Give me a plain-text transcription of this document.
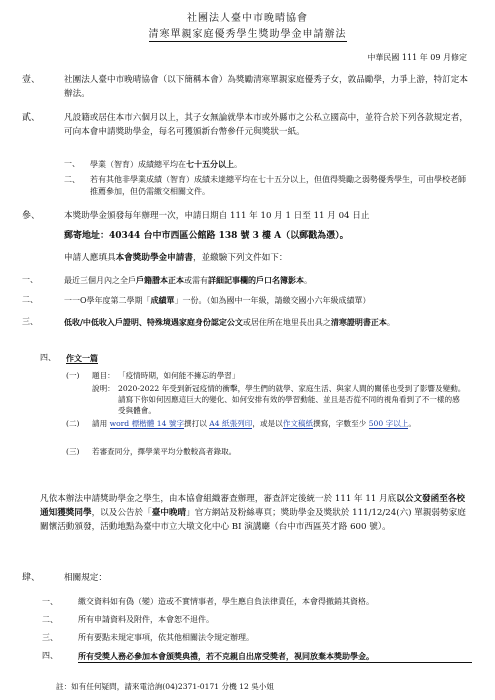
社團法人臺中市晚晴協會
清寒單親家庭優秀學生獎助學金申請辦法
中華民國 111 年 09 月修定
壹、	社團法人臺中市晚晴協會（以下簡稱本會）為獎勵清寒單親家庭優秀子女，敦品勵學，力爭上游，特訂定本辦法。
貳、	凡設籍或居住本市六個月以上，其子女無論就學本市或外縣市之公私立國高中，並符合於下列各款規定者，可向本會申請獎助學金，每名可獲頒新台幣參仟元與獎狀一紙。
一、 學業（智育）成績總平均在七十五分以上。
二、 若有其他非學業成績（智育）成績未達總平均在七十五分以上，但值得獎勵之弱勢優秀學生，可由學校老師推薦參加，但仍需繳交相關文件。
參、	本獎助學金頒發每年辦理一次，申請日期自 111 年 10 月 1 日至 11 月 04 日止
郵寄地址：40344 台中市西區公館路 138 號 3 樓 A（以郵戳為憑）。
申請人應填具本會獎助學金申請書，並繳驗下列文件如下：
一、	最近三個月內之全戶戶籍謄本正本或需有詳細記事欄的戶口名簿影本。
二、	一一O學年度第二學期「成績單」一份。（如為國中一年級，請繳交國小六年級成績單）
三、	低收/中低收入戶證明、特殊境遇家庭身份認定公文或居住所在地里長出具之清寒證明書正本。
四、 作文一篇
(一) 題目： 「疫情時期，如何能不擁忘的學習」
說明： 2020-2022 年受到新冠疫情的衝擊，學生們的就學、家庭生活、與家人間的關係也受到了影響及變動。請寫下你如何因應這巨大的變化、如何安排有效的學習動能、並且是否從不同的視角看到了不一樣的感受與體會。
(二) 請用 word 標楷體 14 號字撰打以 A4 紙張列印，或是以作文稿紙撰寫，字數至少 500 字以上。
(三) 若審查同分，擇學業平均分數較高者錄取。
凡依本辦法申請獎助學金之學生，由本協會組織審查辦理，審查評定後統一於 111 年 11 月底以公文發函至各校通知獲獎同學，以及公告於「臺中晚晴」官方網站及粉絲專頁；獎助學金及獎狀於 111/12/24(六) 單親弱勢家庭關懷活動頒發，活動地點為臺中市立大墩文化中心 BI 演講廳（台中市西區英才路 600 號）。
肆、	相關規定：
一、	繳交資料如有偽（變）造或不實情事者，學生應自負法律責任，本會得撤銷其資格。
二、	所有申請資料及附件，本會恕不退件。
三、	所有要點未規定事項，依其他相關法令規定辦理。
四、	所有受獎人務必參加本會頒獎典禮，若不克親自出席受獎者，視同放棄本獎助學金。
註：如有任何疑問，請來電洽詢(04)2371-0171 分機 12 吳小姐
